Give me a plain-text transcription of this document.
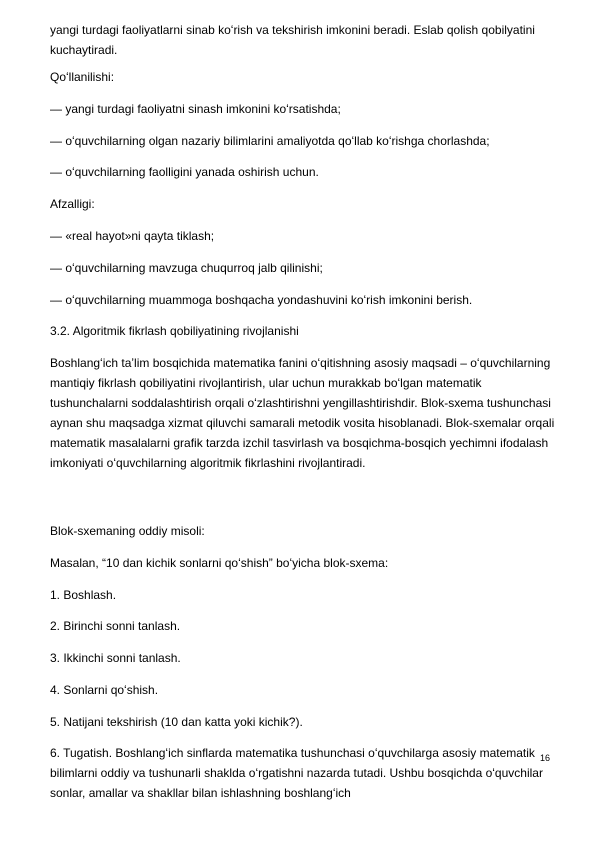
yangi turdagi faoliyatlarni sinab koʻrish va tekshirish imkonini beradi. Eslab qolish qobilyatini kuchaytiradi.

Qoʻllanilishi:

— yangi turdagi faoliyatni sinash imkonini koʻrsatishda;

— oʻquvchilarning olgan nazariy bilimlarini amaliyotda qoʻllab koʻrishga chorlashda;

— oʻquvchilarning faolligini yanada oshirish uchun.

Afzalligi:

— «real hayot»ni qayta tiklash;

— oʻquvchilarning mavzuga chuqurroq jalb qilinishi;

— oʻquvchilarning muammoga boshqacha yondashuvini koʻrish imkonini berish.

3.2. Algoritmik fikrlash qobiliyatining rivojlanishi

Boshlangʻich taʼlim bosqichida matematika fanini oʻqitishning asosiy maqsadi – oʻquvchilarning mantiqiy fikrlash qobiliyatini rivojlantirish, ular uchun murakkab boʻlgan matematik tushunchalarni soddalashtirish orqali oʻzlashtirishni yengillashtirishdir. Blok-sxema tushunchasi aynan shu maqsadga xizmat qiluvchi samarali metodik vosita hisoblanadi. Blok-sxemalar orqali matematik masalalarni grafik tarzda izchil tasvirlash va bosqichma-bosqich yechimni ifodalash imkoniyati oʻquvchilarning algoritmik fikrlashini rivojlantiradi.

Blok-sxemaning oddiy misoli:

Masalan, “10 dan kichik sonlarni qoʻshish” boʻyicha blok-sxema:

1. Boshlash.

2. Birinchi sonni tanlash.

3. Ikkinchi sonni tanlash.

4. Sonlarni qoʻshish.

5. Natijani tekshirish (10 dan katta yoki kichik?).

6. Tugatish. Boshlangʻich sinflarda matematika tushunchasi oʻquvchilarga asosiy matematik bilimlarni oddiy va tushunarli shaklda oʻrgatishni nazarda tutadi. Ushbu bosqichda oʻquvchilar sonlar, amallar va shakllar bilan ishlashning boshlangʻich

16
